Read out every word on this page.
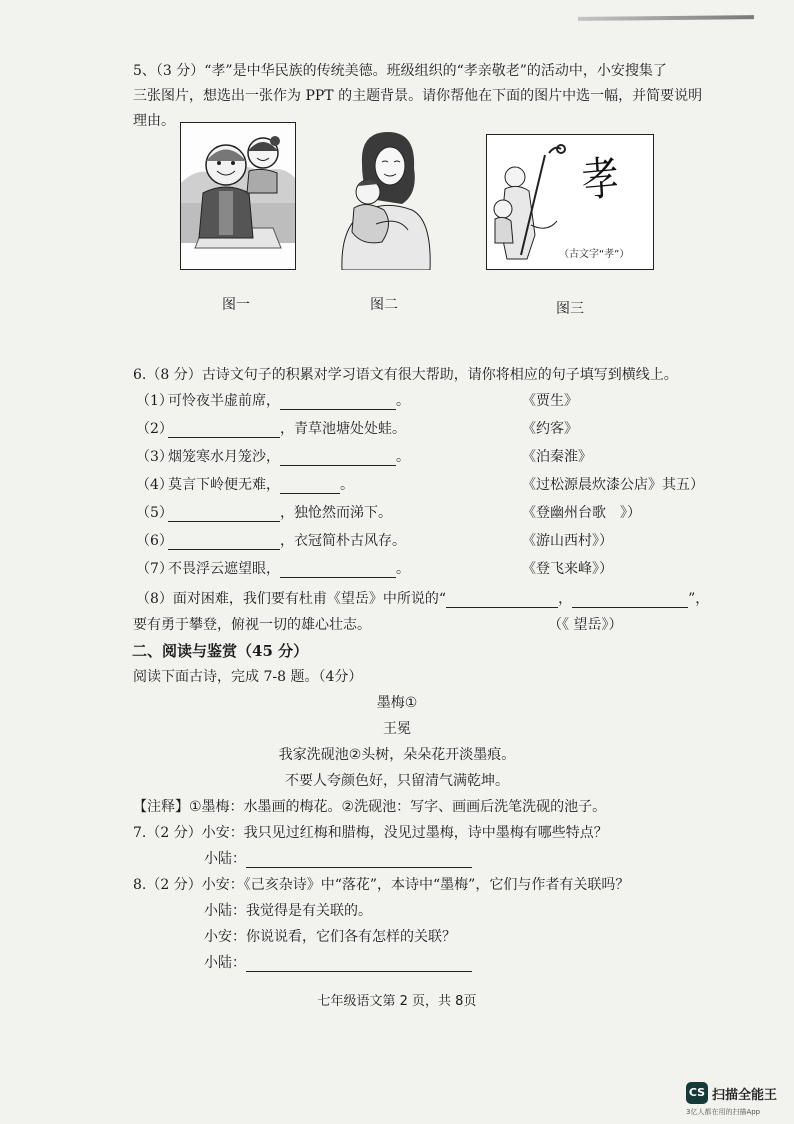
5、（3 分）“孝”是中华民族的传统美德。班级组织的“孝亲敬老”的活动中，小安搜集了
三张图片，想选出一张作为 PPT 的主题背景。请你帮他在下面的图片中选一幅，并简要说明
理由。
图一	图二
孝
（古文字“孝”）
图三
6.（8 分）古诗文句子的积累对学习语文有很大帮助，请你将相应的句子填写到横线上。
（1）
可怜夜半虚前席，	。	《贾生》
（2）	，青草池塘处处蛙。	《约客》
（3）
烟笼寒水月笼沙，	。	《泊秦淮》
（4）
莫言下岭便无难，	。	《过松源晨炊漆公店》其五）
（5）	，独怆然而涕下。	《登幽州台歌　》）
（6）	，衣冠简朴古风存。	《游山西村》）
（7）
不畏浮云遮望眼，	。	《登飞来峰》）
（8）面对困难，我们要有杜甫《望岳》中所说的“	，	”，
要有勇于攀登，俯视一切的雄心壮志。	（《 望岳》）
二、阅读与鉴赏（45 分）
阅读下面古诗，完成 7-8 题。（4分）
墨梅①
王冕
我家洗砚池②头树，朵朵花开淡墨痕。
不要人夸颜色好，只留清气满乾坤。
【注释】①墨梅：水墨画的梅花。②洗砚池：写字、画画后洗笔洗砚的池子。
7.（2 分）小安：我只见过红梅和腊梅，没见过墨梅，诗中墨梅有哪些特点？
小陆：
8.（2 分）小安：《己亥杂诗》中“落花”，本诗中“墨梅”，它们与作者有关联吗？
小陆：我觉得是有关联的。
小安：你说说看，它们各有怎样的关联？
小陆：
七年级语文第 2 页，共 8页
CS 扫描全能王
3亿人都在用的扫描App
